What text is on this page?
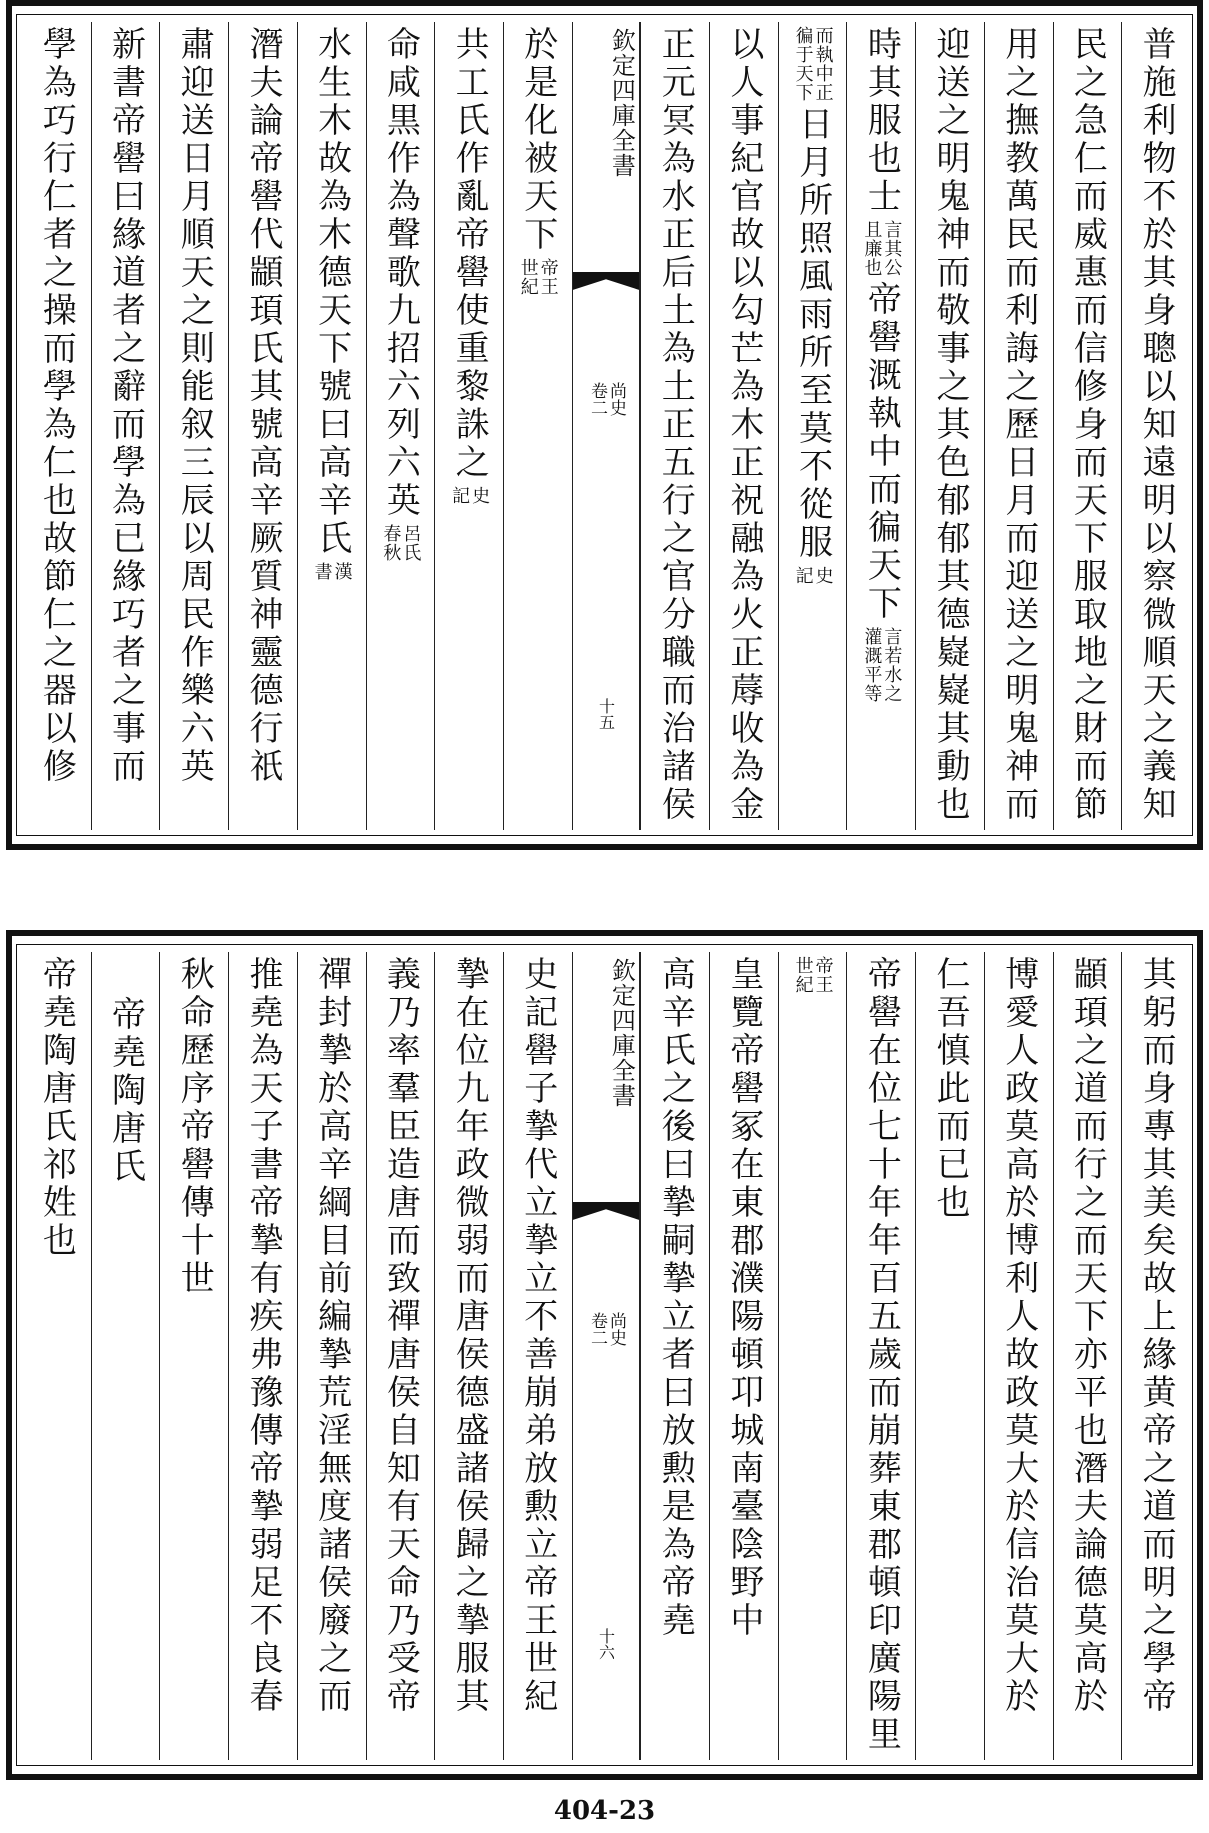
普施利物不於其身聰以知遠明以察微順天之義知
民之急仁而威惠而信修身而天下服取地之財而節
用之撫教萬民而利誨之歷日月而迎送之明鬼神而
迎送之明鬼神而敬事之其色郁郁其德嶷嶷其動也
時其服也士
言其公
且廉也
帝嚳溉執中而徧天下
言若水之
灌溉平等
而執中正
徧于天下
日月所照風雨所至莫不從服
史
記
以人事紀官故以勾芒為木正祝融為火正蓐收為金
正元冥為水正后土為土正五行之官分職而治諸侯
欽定四庫全書
尚史
卷二
十五
於是化被天下
帝王
世紀
共工氏作亂帝嚳使重黎誅之
史
記
命咸黒作為聲歌九招六列六英
呂氏
春秋
水生木故為木德天下號曰高辛氏
漢
書
潛夫論帝嚳代顓頊氏其號高辛厥質神靈德行祇
肅迎送日月順天之則能叙三辰以周民作樂六英
新書帝嚳曰緣道者之辭而學為已緣巧者之事而
學為巧行仁者之操而學為仁也故節仁之器以修
其躬而身專其美矣故上緣黄帝之道而明之學帝
顓頊之道而行之而天下亦平也潛夫論德莫高於
博愛人政莫高於博利人故政莫大於信治莫大於
仁吾慎此而已也
帝嚳在位七十年年百五歲而崩葬東郡頓印廣陽里
帝王
世紀
皇覽帝嚳冢在東郡濮陽頓卭城南臺陰野中
高辛氏之後曰摯嗣摯立者曰放勲是為帝堯
欽定四庫全書
尚史
卷二
十六
史記嚳子摯代立摯立不善崩弟放勲立帝王世紀
摯在位九年政微弱而唐侯德盛諸侯歸之摯服其
義乃率羣臣造唐而致禪唐侯自知有天命乃受帝
禪封摯於高辛綱目前編摯荒淫無度諸侯廢之而
推堯為天子書帝摯有疾弗豫傳帝摯弱足不良春
秋命歷序帝嚳傳十世
帝堯陶唐氏
帝堯陶唐氏祁姓也
404-23
